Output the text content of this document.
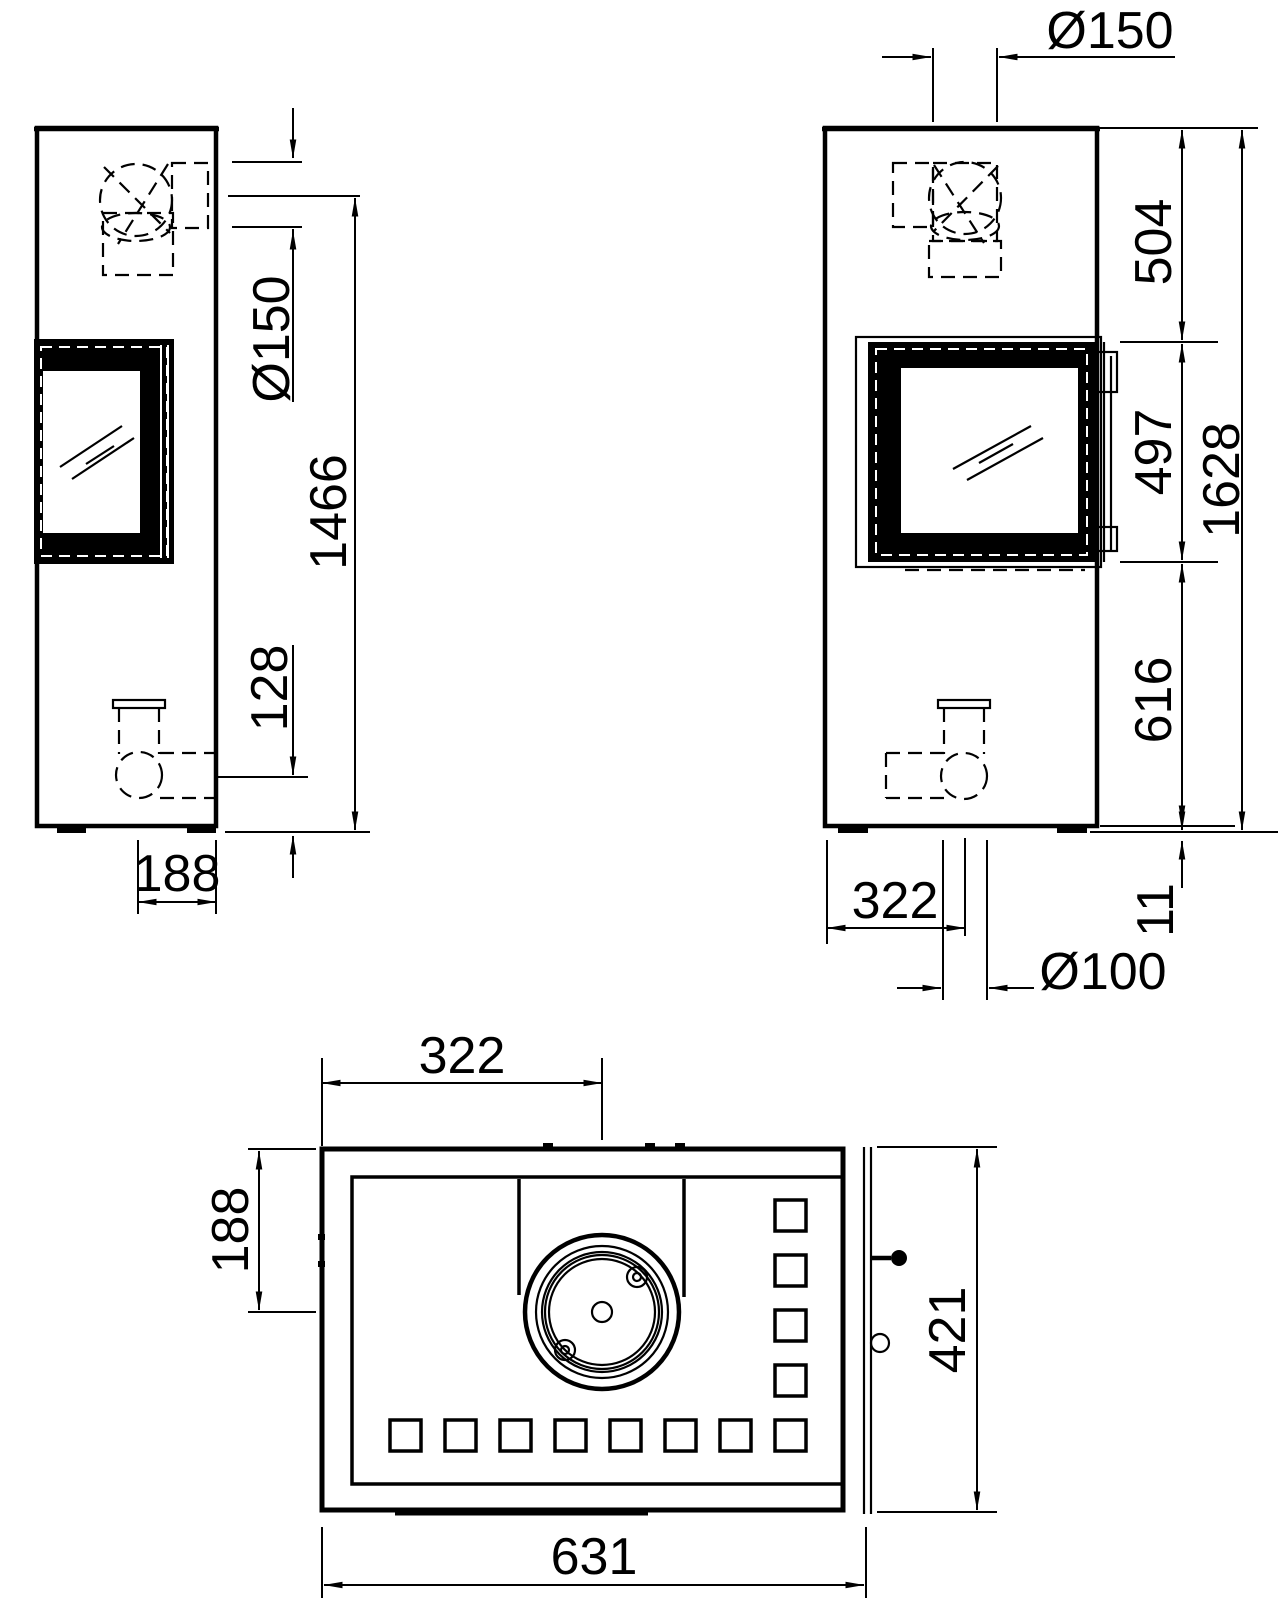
Ø150
1466
128
188
Ø150
504
497
616
1628
11
322
Ø100
322
188
421
631
